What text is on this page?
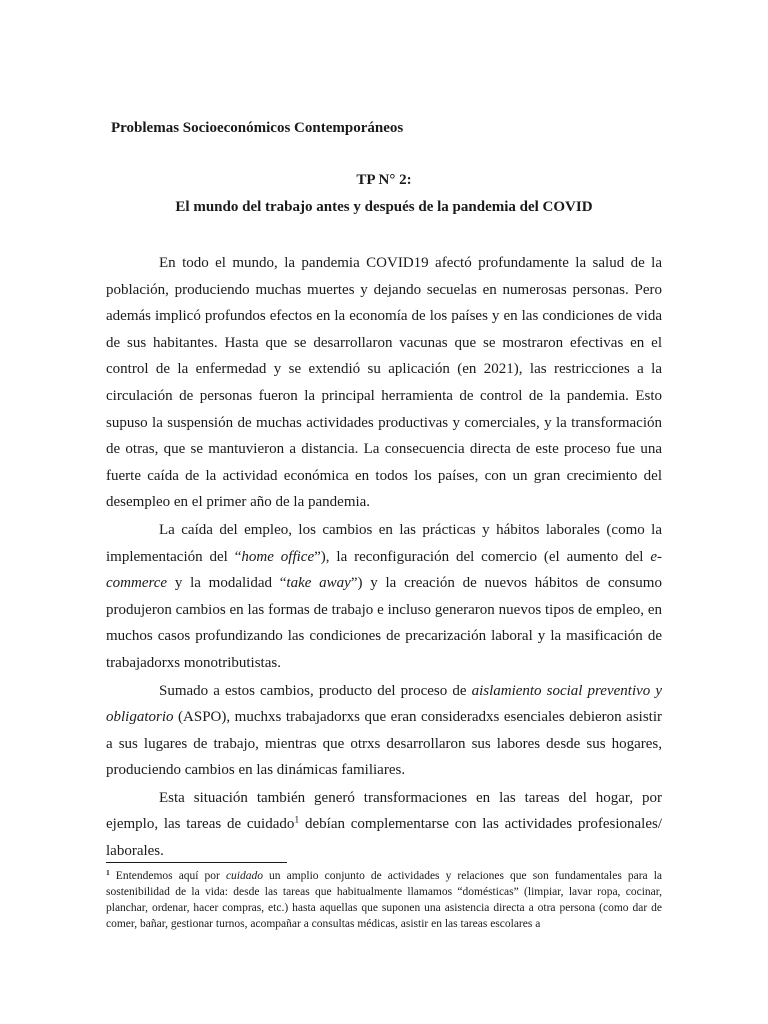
Problemas Socioeconómicos Contemporáneos

TP N° 2:

El mundo del trabajo antes y después de la pandemia del COVID

En todo el mundo, la pandemia COVID19 afectó profundamente la salud de la población, produciendo muchas muertes y dejando secuelas en numerosas personas. Pero además implicó profundos efectos en la economía de los países y en las condiciones de vida de sus habitantes. Hasta que se desarrollaron vacunas que se mostraron efectivas en el control de la enfermedad y se extendió su aplicación (en 2021), las restricciones a la circulación de personas fueron la principal herramienta de control de la pandemia. Esto supuso la suspensión de muchas actividades productivas y comerciales, y la transformación de otras, que se mantuvieron a distancia. La consecuencia directa de este proceso fue una fuerte caída de la actividad económica en todos los países, con un gran crecimiento del desempleo en el primer año de la pandemia.

La caída del empleo, los cambios en las prácticas y hábitos laborales (como la implementación del “home office”), la reconfiguración del comercio (el aumento del e-commerce y la modalidad “take away”) y la creación de nuevos hábitos de consumo produjeron cambios en las formas de trabajo e incluso generaron nuevos tipos de empleo, en muchos casos profundizando las condiciones de precarización laboral y la masificación de trabajadorxs monotributistas.

Sumado a estos cambios, producto del proceso de aislamiento social preventivo y obligatorio (ASPO), muchxs trabajadorxs que eran consideradxs esenciales debieron asistir a sus lugares de trabajo, mientras que otrxs desarrollaron sus labores desde sus hogares, produciendo cambios en las dinámicas familiares.

Esta situación también generó transformaciones en las tareas del hogar, por ejemplo, las tareas de cuidado$^1$ debían complementarse con las actividades profesionales/ laborales.

$^1$ Entendemos aquí por cuidado un amplio conjunto de actividades y relaciones que son fundamentales para la sostenibilidad de la vida: desde las tareas que habitualmente llamamos “domésticas” (limpiar, lavar ropa, cocinar, planchar, ordenar, hacer compras, etc.) hasta aquellas que suponen una asistencia directa a otra persona (como dar de comer, bañar, gestionar turnos, acompañar a consultas médicas, asistir en las tareas escolares a
